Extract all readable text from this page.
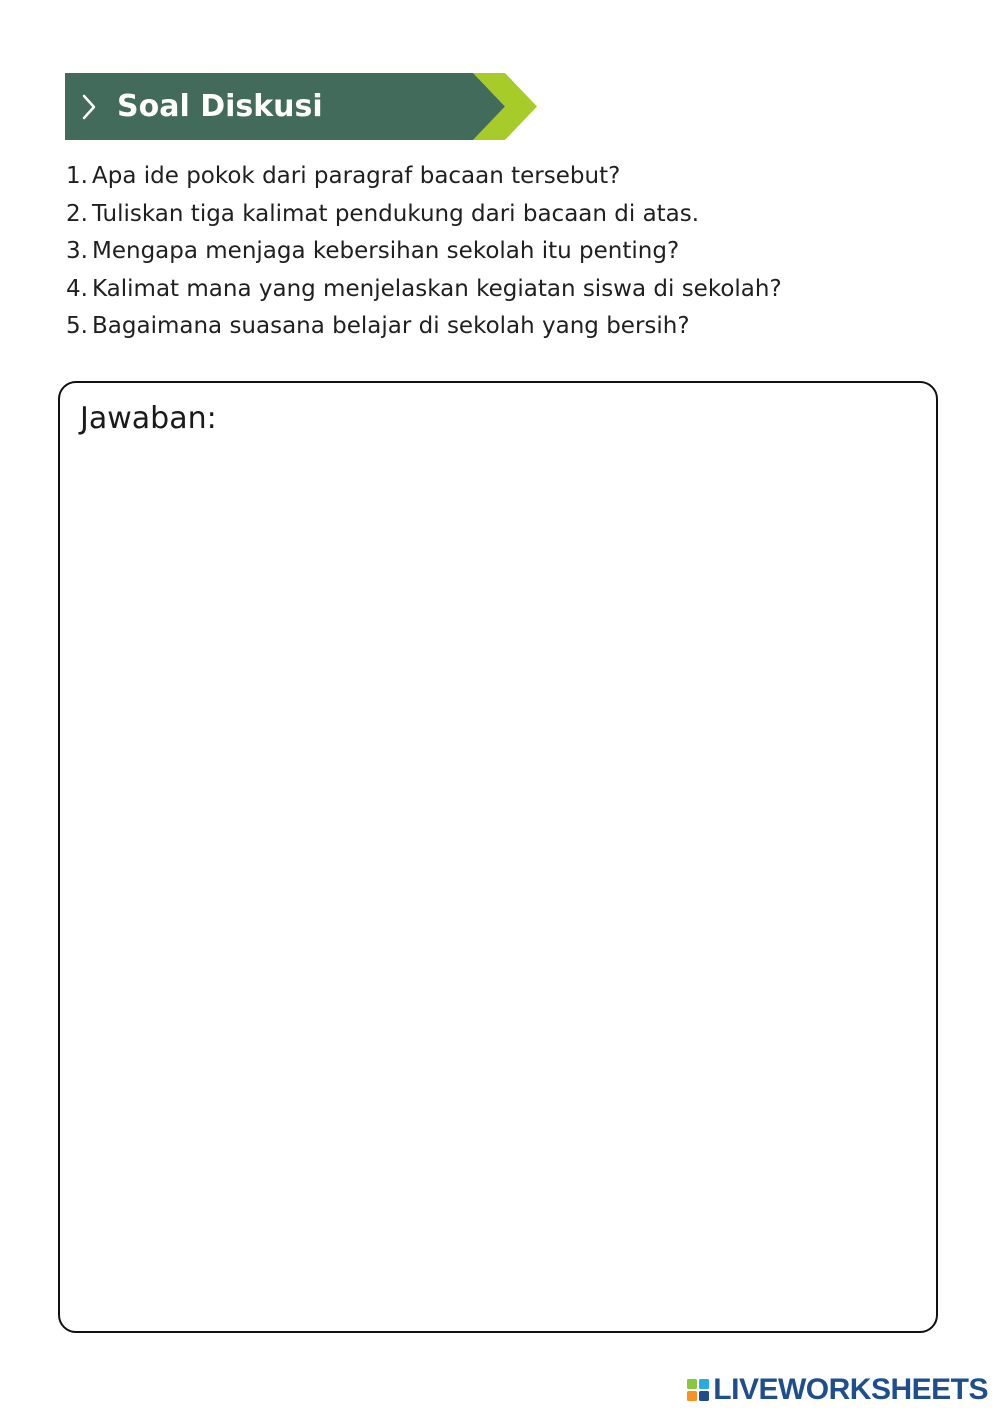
Soal Diskusi
1. Apa ide pokok dari paragraf bacaan tersebut?
2. Tuliskan tiga kalimat pendukung dari bacaan di atas.
3. Mengapa menjaga kebersihan sekolah itu penting?
4. Kalimat mana yang menjelaskan kegiatan siswa di sekolah?
5. Bagaimana suasana belajar di sekolah yang bersih?
Jawaban:
LIVEWORKSHEETS
